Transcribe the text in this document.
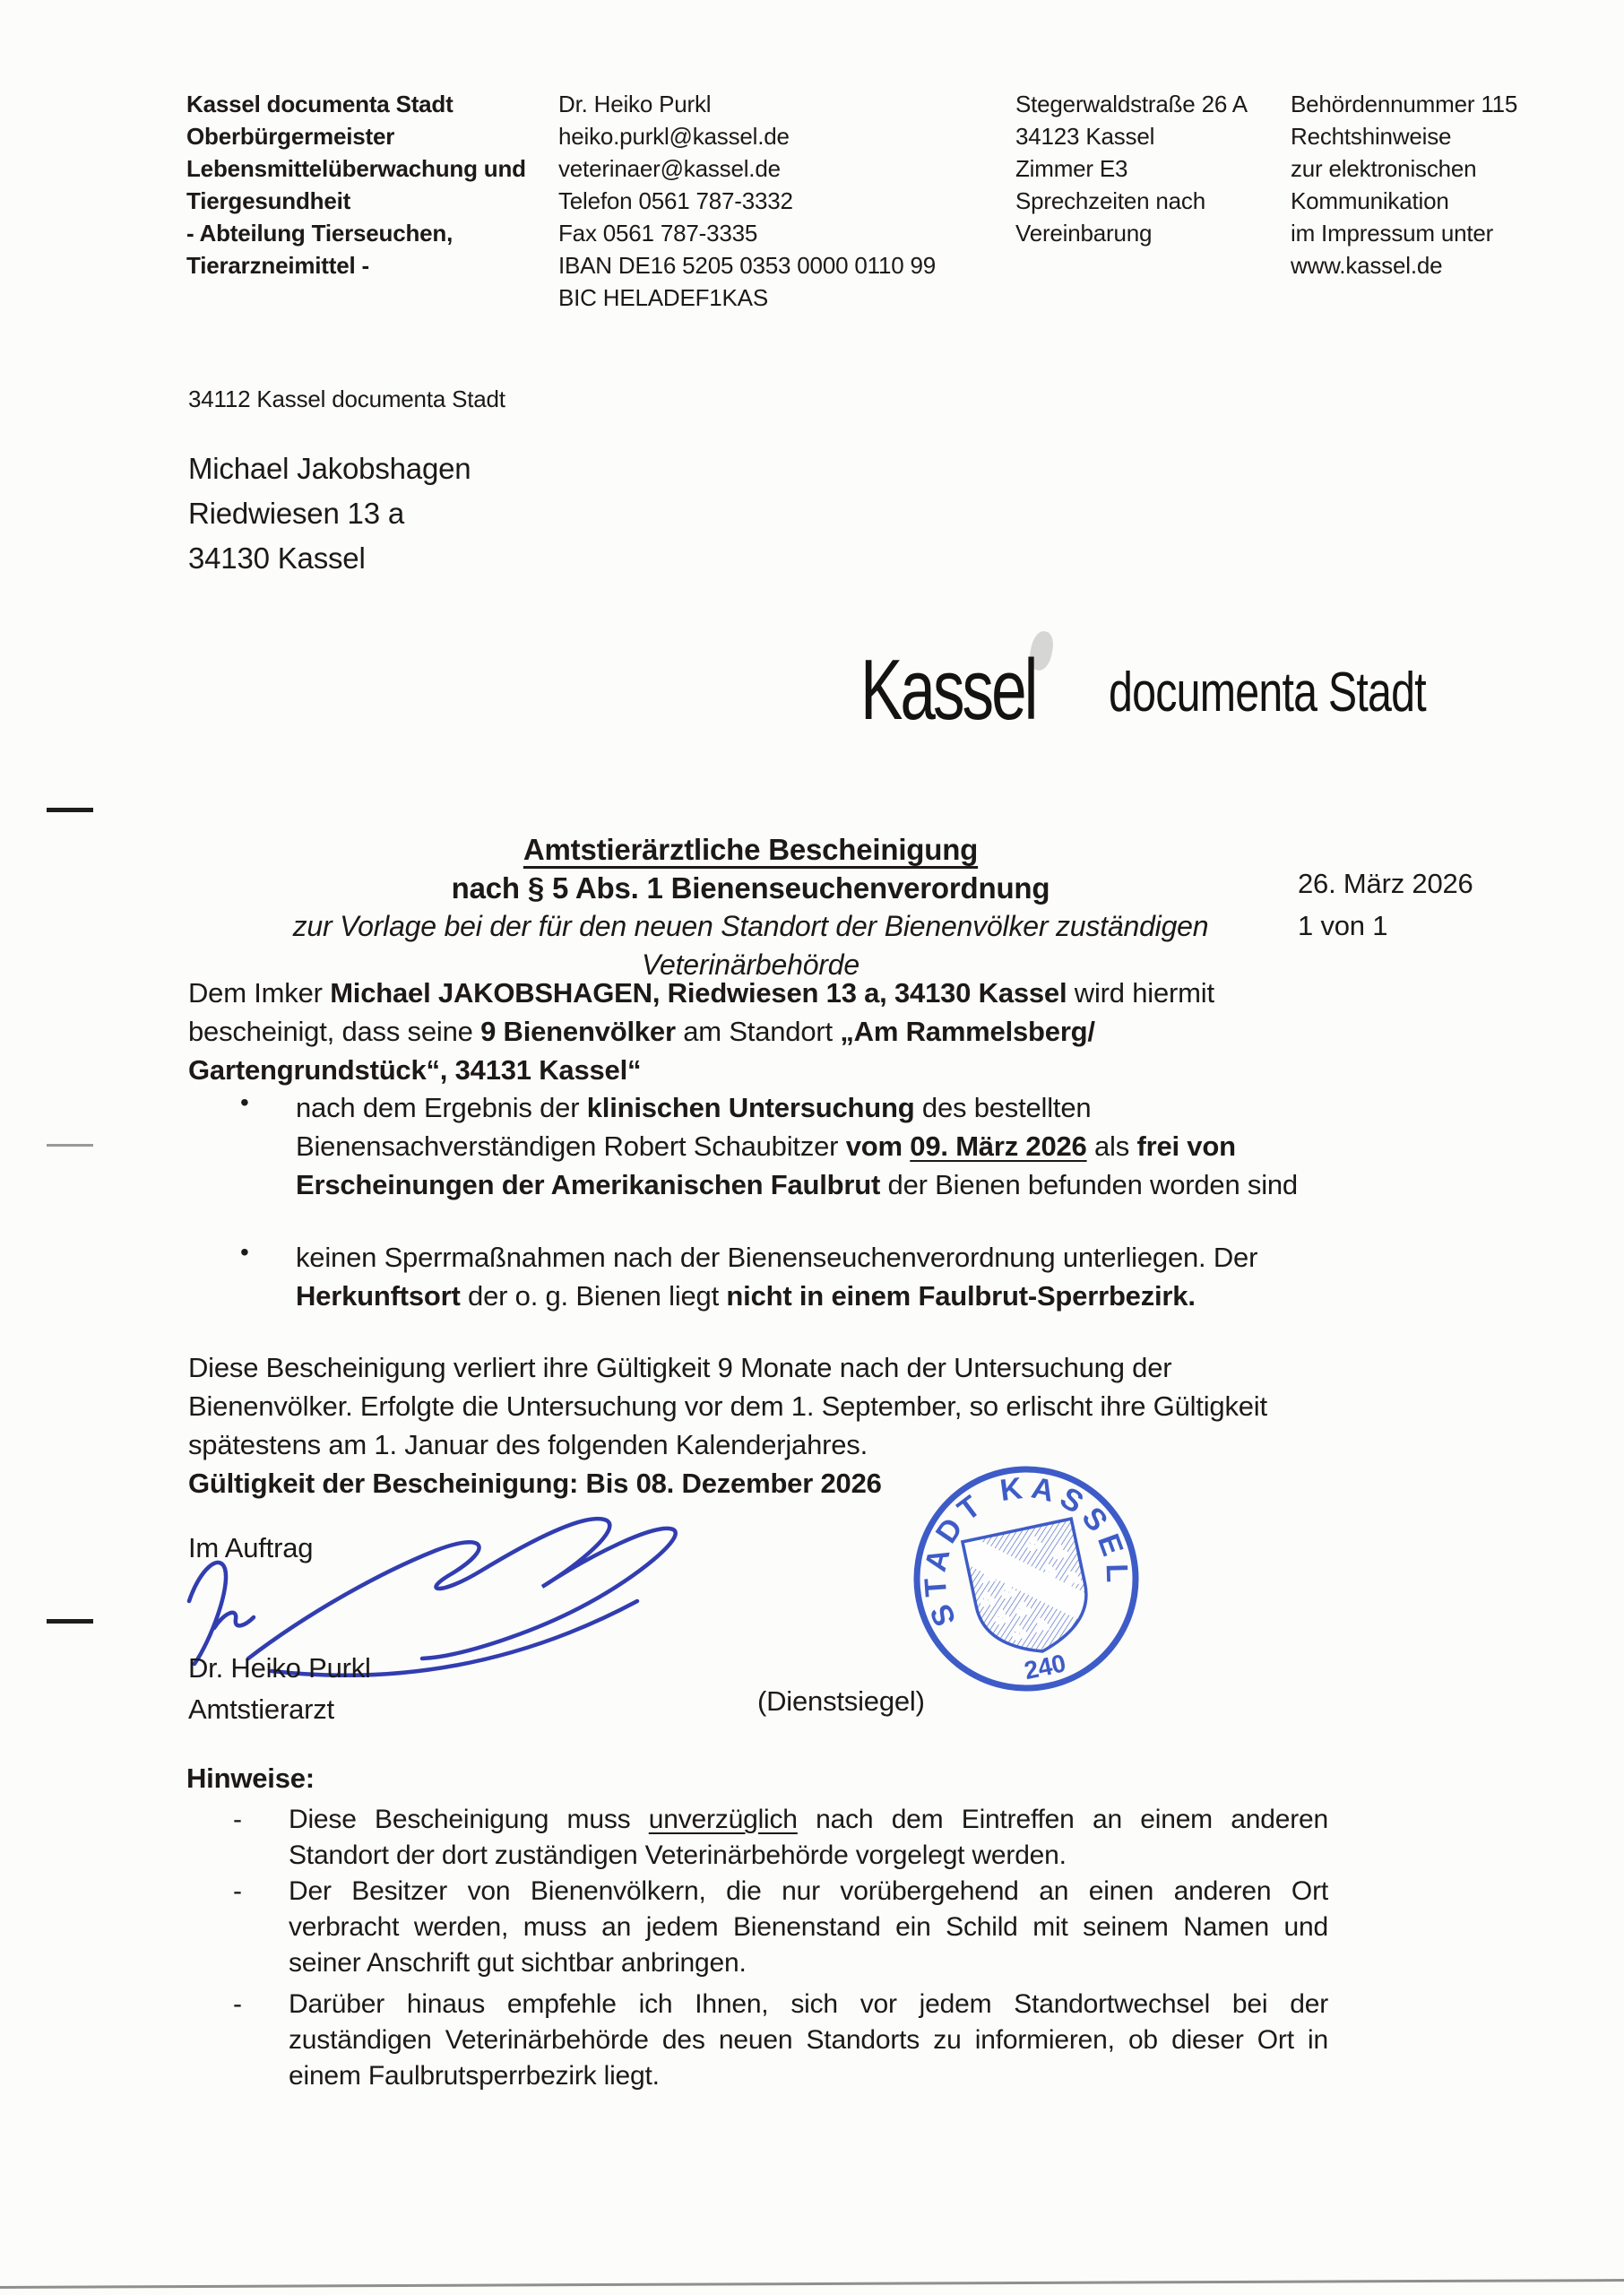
Kassel documenta Stadt
Oberbürgermeister
Lebensmittelüberwachung und
Tiergesundheit
- Abteilung Tierseuchen,
Tierarzneimittel -
Dr. Heiko Purkl
heiko.purkl@kassel.de
veterinaer@kassel.de
Telefon 0561 787-3332
Fax 0561 787-3335
IBAN DE16 5205 0353 0000 0110 99
BIC HELADEF1KAS
Stegerwaldstraße 26 A
34123 Kassel
Zimmer E3
Sprechzeiten nach
Vereinbarung
Behördennummer 115
Rechtshinweise
zur elektronischen
Kommunikation
im Impressum unter
www.kassel.de
34112 Kassel documenta Stadt
Michael Jakobshagen
Riedwiesen 13 a
34130 Kassel
Kassel documenta Stadt
Amtstierärztliche Bescheinigung
nach § 5 Abs. 1 Bienenseuchenverordnung
zur Vorlage bei der für den neuen Standort der Bienenvölker zuständigen Veterinärbehörde
26. März 2026
1 von 1
Dem Imker Michael JAKOBSHAGEN, Riedwiesen 13 a, 34130 Kassel wird hiermit
bescheinigt, dass seine 9 Bienenvölker am Standort „Am Rammelsberg/
Gartengrundstück“, 34131 Kassel“
• nach dem Ergebnis der klinischen Untersuchung des bestellten
Bienensachverständigen Robert Schaubitzer vom 09. März 2026 als frei von
Erscheinungen der Amerikanischen Faulbrut der Bienen befunden worden sind
• keinen Sperrmaßnahmen nach der Bienenseuchenverordnung unterliegen. Der
Herkunftsort der o. g. Bienen liegt nicht in einem Faulbrut-Sperrbezirk.
Diese Bescheinigung verliert ihre Gültigkeit 9 Monate nach der Untersuchung der
Bienenvölker. Erfolgte die Untersuchung vor dem 1. September, so erlischt ihre Gültigkeit
spätestens am 1. Januar des folgenden Kalenderjahres.
Gültigkeit der Bescheinigung: Bis 08. Dezember 2026
Im Auftrag
STADT KASSEL
240
Dr. Heiko Purkl
Amtstierarzt	(Dienstsiegel)
Hinweise:
- Diese Bescheinigung muss unverzüglich nach dem Eintreffen an einem anderen
Standort der dort zuständigen Veterinärbehörde vorgelegt werden.
- Der Besitzer von Bienenvölkern, die nur vorübergehend an einen anderen Ort
verbracht werden, muss an jedem Bienenstand ein Schild mit seinem Namen und
seiner Anschrift gut sichtbar anbringen.
- Darüber hinaus empfehle ich Ihnen, sich vor jedem Standortwechsel bei der
zuständigen Veterinärbehörde des neuen Standorts zu informieren, ob dieser Ort in
einem Faulbrutsperrbezirk liegt.
